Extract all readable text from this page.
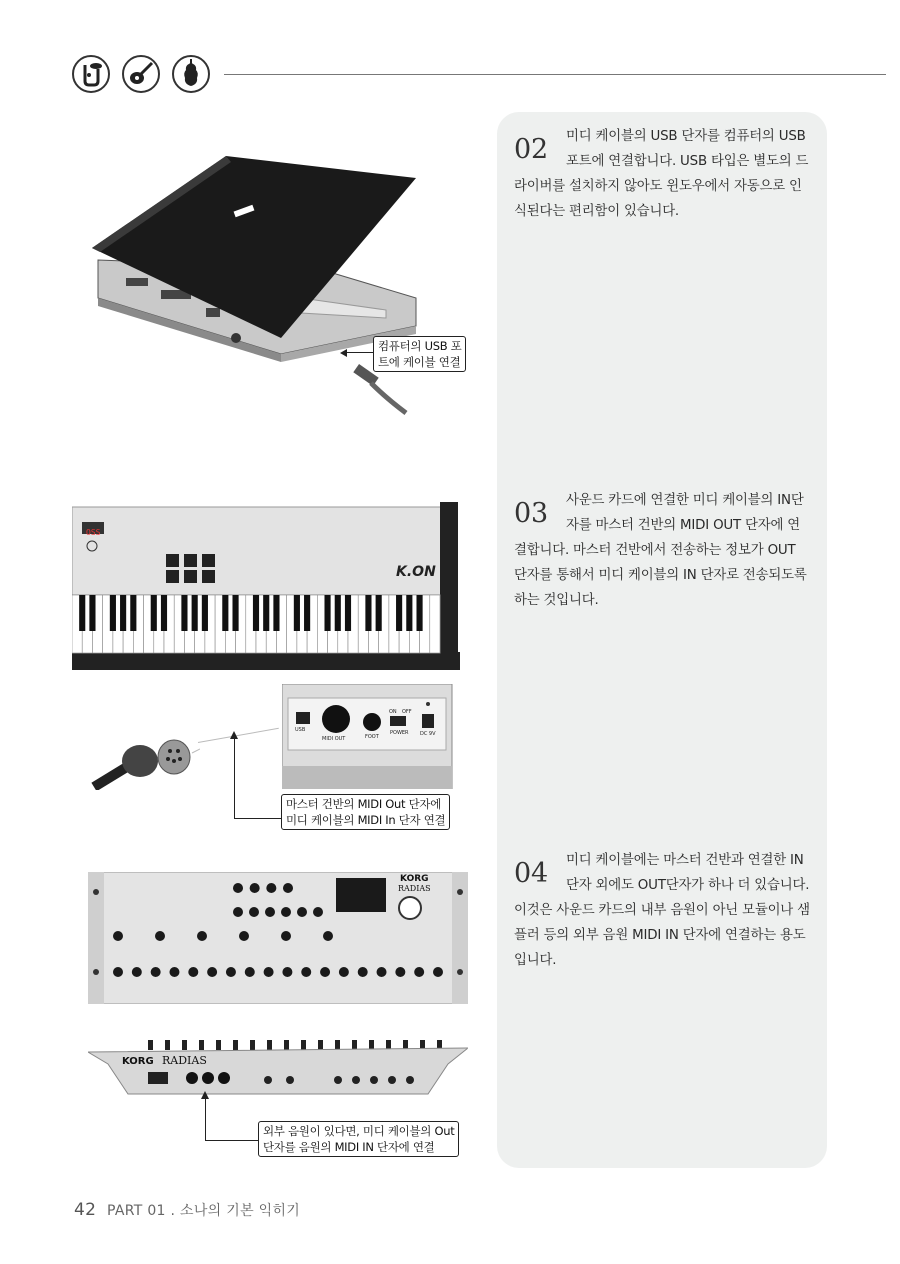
02	미디 케이블의 USB 단자를 컴퓨터의 USB 포트에 연결합니다. USB 타입은 별도의 드라이버를 설치하지 않아도 윈도우에서 자동으로 인식된다는 편리함이 있습니다.
03	사운드 카드에 연결한 미디 케이블의 IN단자를 마스터 건반의 MIDI OUT 단자에 연결합니다. 마스터 건반에서 전송하는 정보가 OUT 단자를 통해서 미디 케이블의 IN 단자로 전송되도록 하는 것입니다.
04	미디 케이블에는 마스터 건반과 연결한 IN단자 외에도 OUT단자가 하나 더 있습니다. 이것은 사운드 카드의 내부 음원이 아닌 모듈이나 샘플러 등의 외부 음원 MIDI IN 단자에 연결하는 용도 입니다.
컴퓨터의 USB 포
트에 케이블 연결
OSS
K.ON
USB
MIDI OUT	FOOT
ON OFF
POWER DC 9V
마스터 건반의 MIDI Out 단자에
미디 케이블의 MIDI In 단자 연결
KORG
RADIAS
KORG RADIAS
외부 음원이 있다면, 미디 케이블의 Out
단자를 음원의 MIDI IN 단자에 연결
42 PART 01 . 소나의 기본 익히기
